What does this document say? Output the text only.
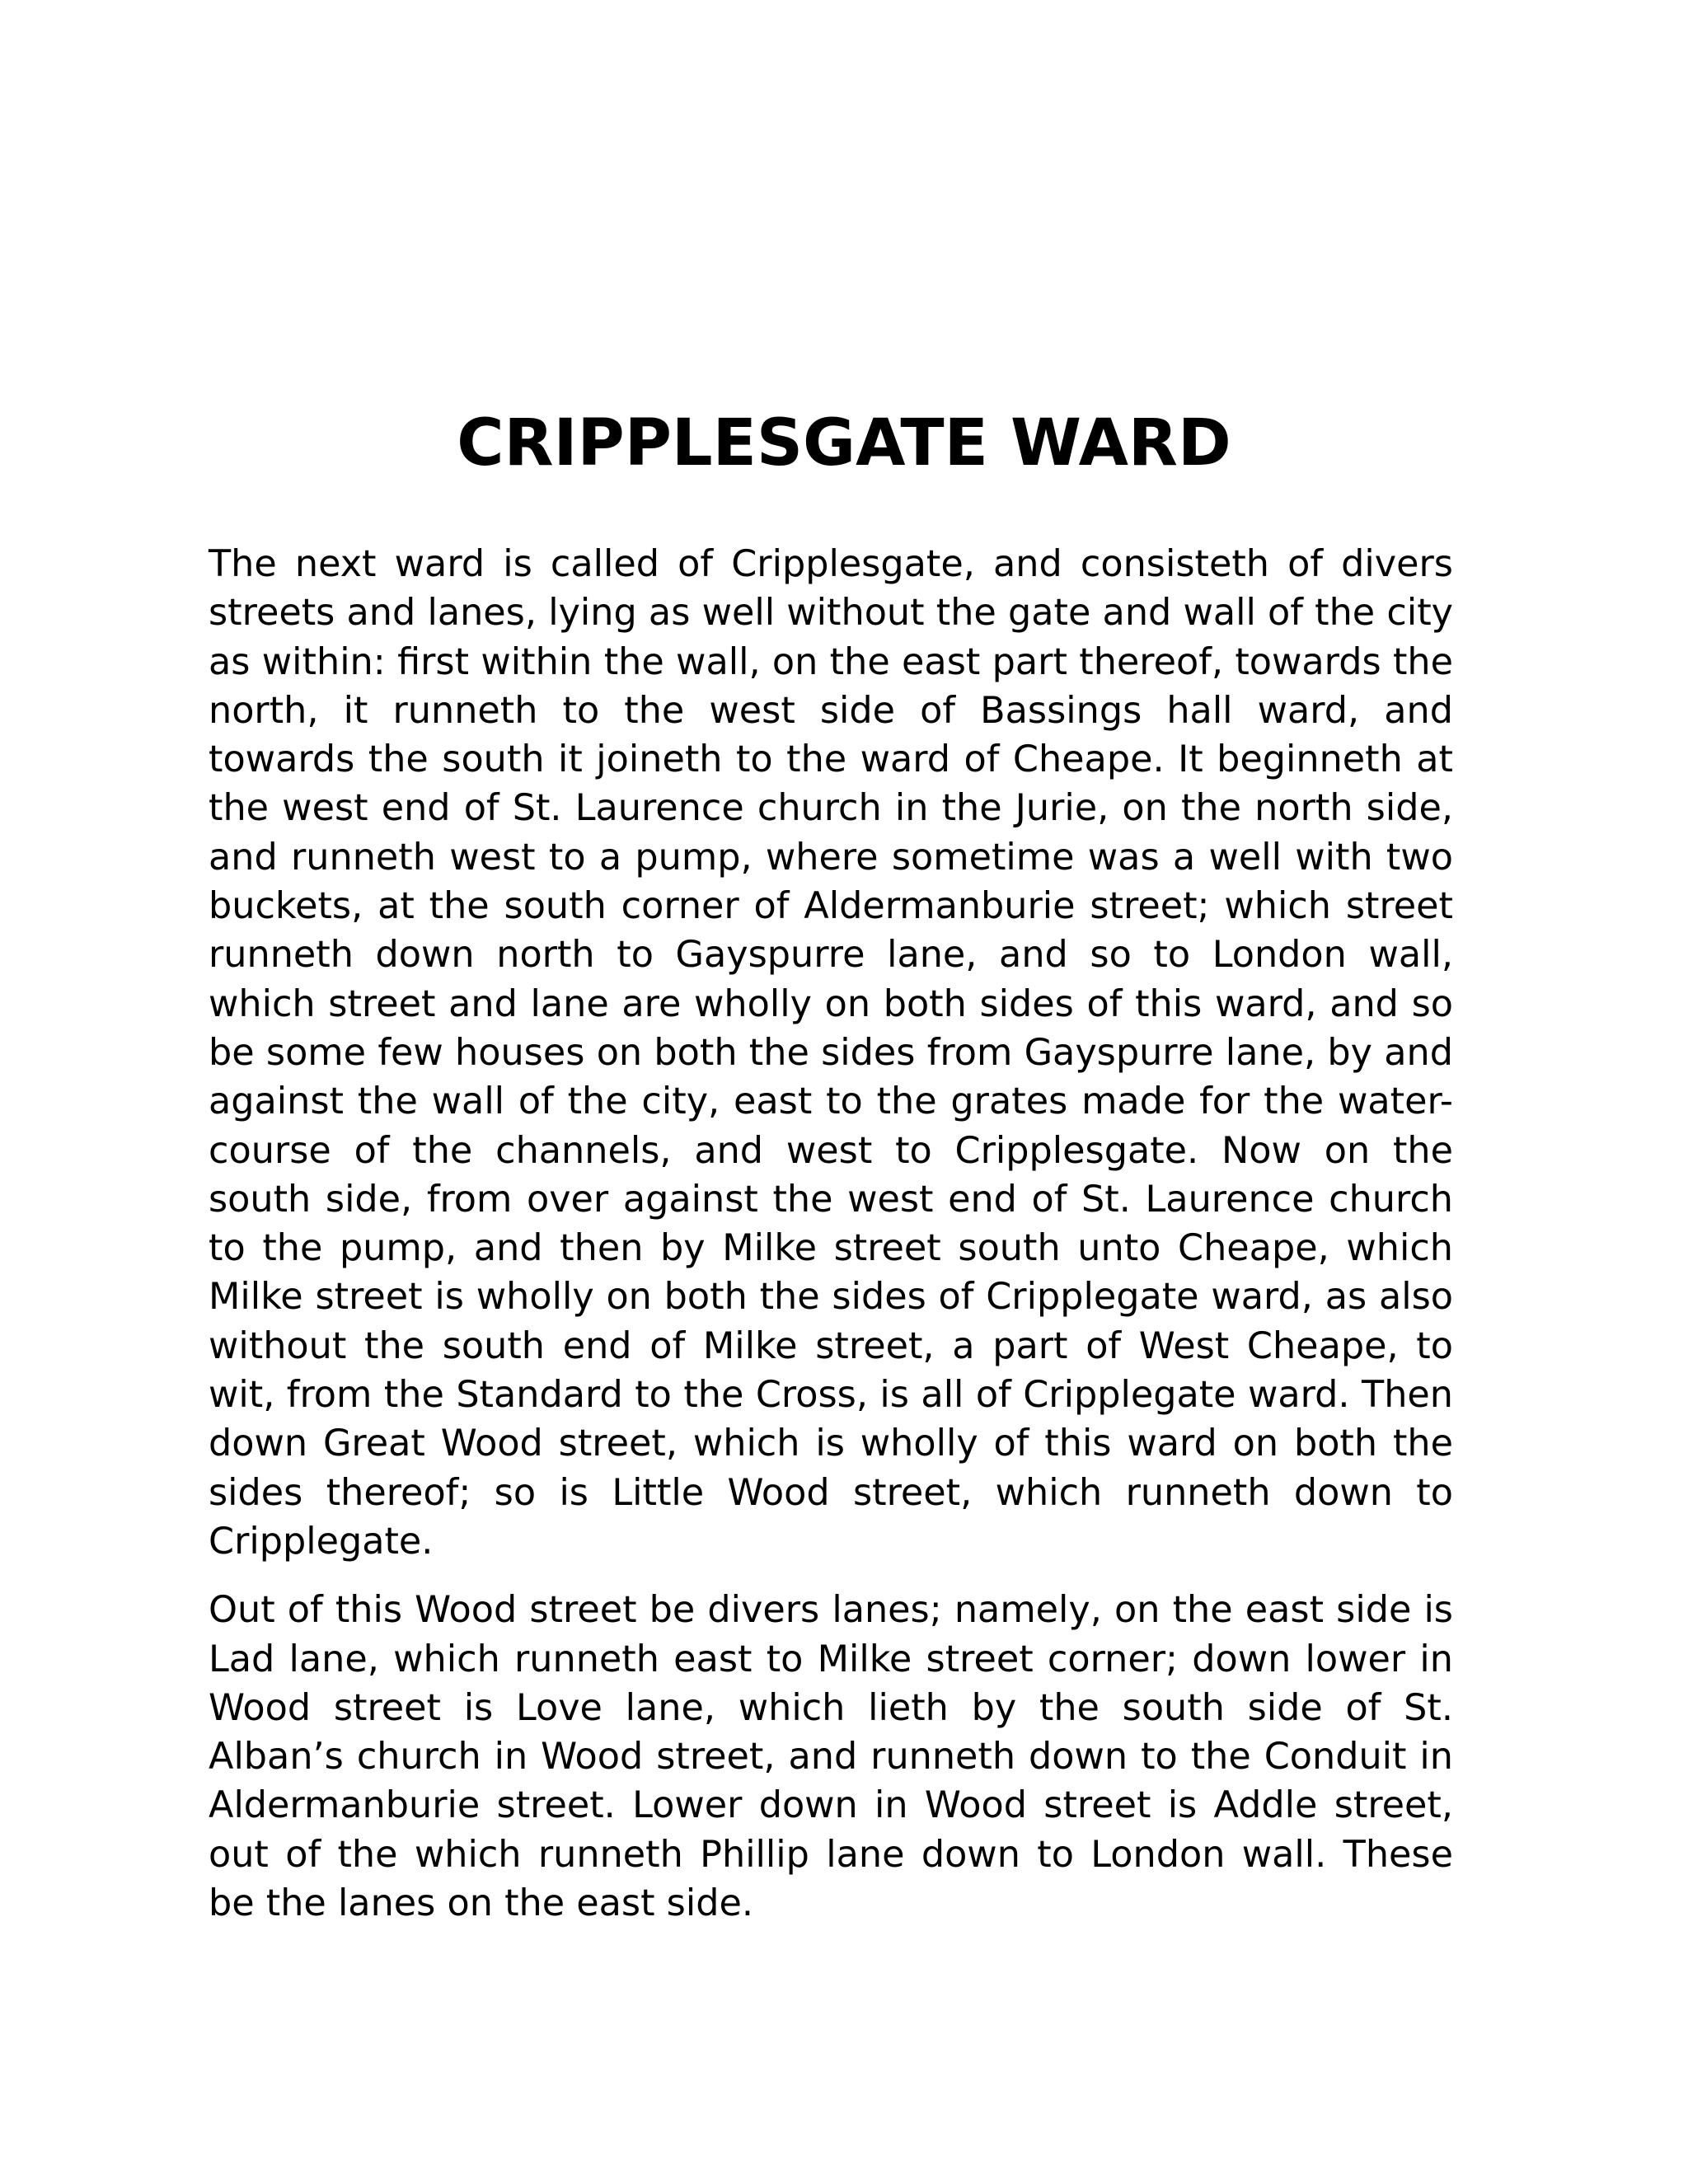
CRIPPLESGATE WARD

The next ward is called of Cripplesgate, and consisteth of divers streets and lanes, lying as well without the gate and wall of the city as within: first within the wall, on the east part thereof, towards the north, it runneth to the west side of Bassings hall ward, and towards the south it joineth to the ward of Cheape. It beginneth at the west end of St. Laurence church in the Jurie, on the north side, and runneth west to a pump, where sometime was a well with two buckets, at the south corner of Aldermanburie street; which street runneth down north to Gayspurre lane, and so to London wall, which street and lane are wholly on both sides of this ward, and so be some few houses on both the sides from Gayspurre lane, by and against the wall of the city, east to the grates made for the water-course of the channels, and west to Cripplesgate. Now on the south side, from over against the west end of St. Laurence church to the pump, and then by Milke street south unto Cheape, which Milke street is wholly on both the sides of Cripplegate ward, as also without the south end of Milke street, a part of West Cheape, to wit, from the Standard to the Cross, is all of Cripplegate ward. Then down Great Wood street, which is wholly of this ward on both the sides thereof; so is Little Wood street, which runneth down to Cripplegate.

Out of this Wood street be divers lanes; namely, on the east side is Lad lane, which runneth east to Milke street corner; down lower in Wood street is Love lane, which lieth by the south side of St. Alban’s church in Wood street, and runneth down to the Conduit in Aldermanburie street. Lower down in Wood street is Addle street, out of the which runneth Phillip lane down to London wall. These be the lanes on the east side.
